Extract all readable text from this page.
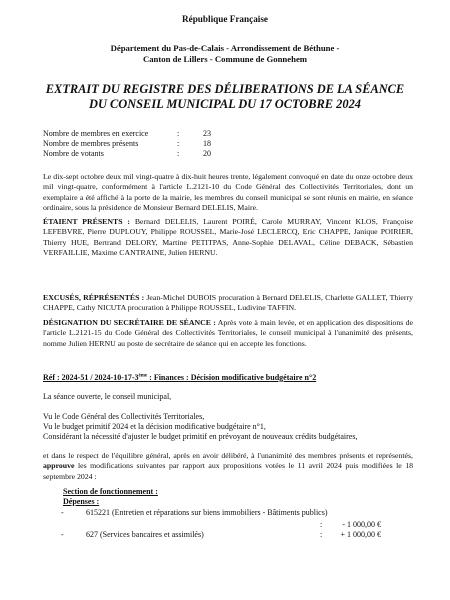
République Française
Département du Pas-de-Calais - Arrondissement de Béthune -
Canton de Lillers - Commune de Gonnehem
EXTRAIT DU REGISTRE DES DÉLIBERATIONS DE LA SÉANCE
DU CONSEIL MUNICIPAL DU 17 OCTOBRE 2024
Nombre de membres en exercice	:	23
Nombre de membres présents	:	18
Nombre de votants	:	20
Le dix-sept octobre deux mil vingt-quatre à dix-huit heures trente, légalement convoqué en date du onze octobre deux mil vingt-quatre, conformément à l'article L.2121-10 du Code Général des Collectivités Territoriales, dont un exemplaire a été affiché à la porte de la mairie, les membres du conseil municipal se sont réunis en mairie, en séance ordinaire, sous la présidence de Monsieur Bernard DELELIS, Maire.
ÉTAIENT PRÉSENTS : Bernard DELELIS, Laurent POIRÉ, Carole MURRAY, Vincent KLOS, Françoise LEFEBVRE, Pierre DUPLOUY, Philippe ROUSSEL, Marie-José LECLERCQ, Eric CHAPPE, Janique POIRIER, Thierry HUE, Bertrand DELORY, Martine PETITPAS, Anne-Sophie DELAVAL, Céline DEBACK, Sébastien VERFAILLIE, Maxime CANTRAINE, Julien HERNU.
EXCUSÉS, RÉPRÉSENTÉS : Jean-Michel DUBOIS procuration à Bernard DELELIS, Charlette GALLET, Thierry CHAPPE, Cathy NICUTA procuration à Philippe ROUSSEL, Ludivine TAFFIN.
DÉSIGNATION DU SECRÉTAIRE DE SÉANCE : Après vote à main levée, et en application des dispositions de l'article L.2121-15 du Code Général des Collectivités Territoriales, le conseil municipal à l'unanimité des présents, nomme Julien HERNU au poste de secrétaire de séance qui en accepte les fonctions.
Réf : 2024-51 / 2024-10-17-3ème : Finances : Décision modificative budgétaire n°2
La séance ouverte, le conseil municipal,
Vu le Code Général des Collectivités Territoriales,
Vu le budget primitif 2024 et la décision modificative budgétaire n°1,
Considérant la nécessité d'ajuster le budget primitif en prévoyant de nouveaux crédits budgétaires,
et dans le respect de l'équilibre général, après en avoir délibéré, à l'unanimité des membres présents et représentés, approuve les modifications suivantes par rapport aux propositions votées le 11 avril 2024 puis modifiées le 18 septembre 2024 :
Section de fonctionnement :
Dépenses :
-	615221 (Entretien et réparations sur biens immobiliers - Bâtiments publics)
:	- 1 000,00 €
-	627 (Services bancaires et assimilés)	: + 1 000,00 €
